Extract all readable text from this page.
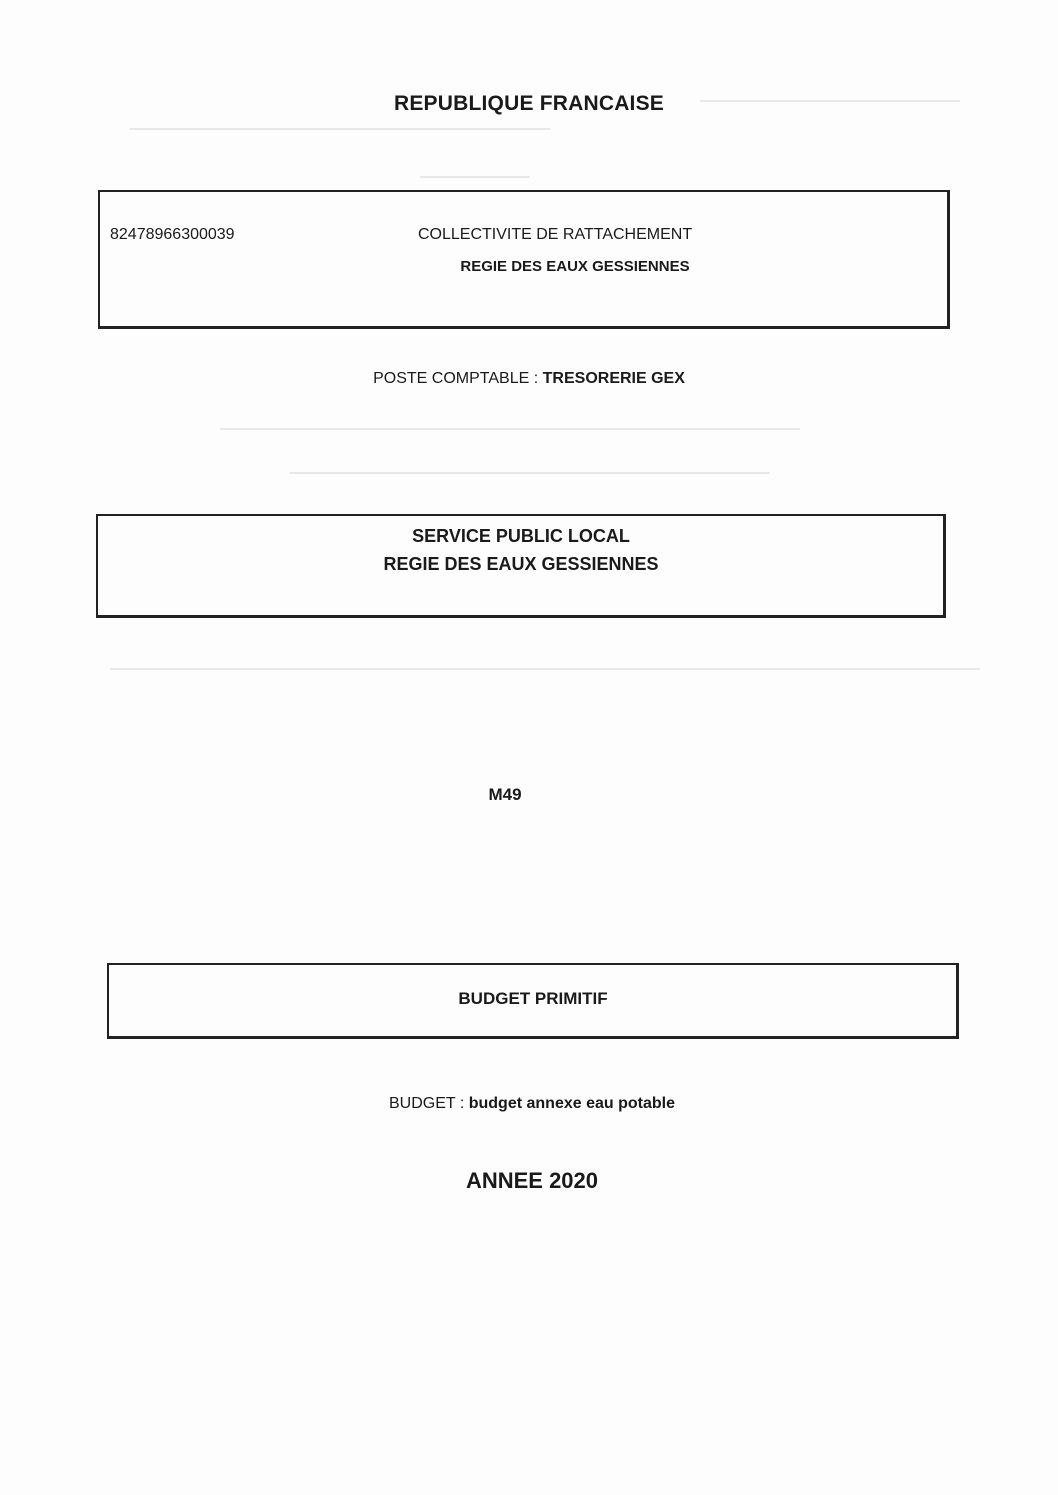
REPUBLIQUE FRANCAISE
82478966300039	COLLECTIVITE DE RATTACHEMENT
REGIE DES EAUX GESSIENNES
POSTE COMPTABLE : TRESORERIE GEX
SERVICE PUBLIC LOCAL
REGIE DES EAUX GESSIENNES
M49
BUDGET PRIMITIF
BUDGET : budget annexe eau potable
ANNEE 2020
